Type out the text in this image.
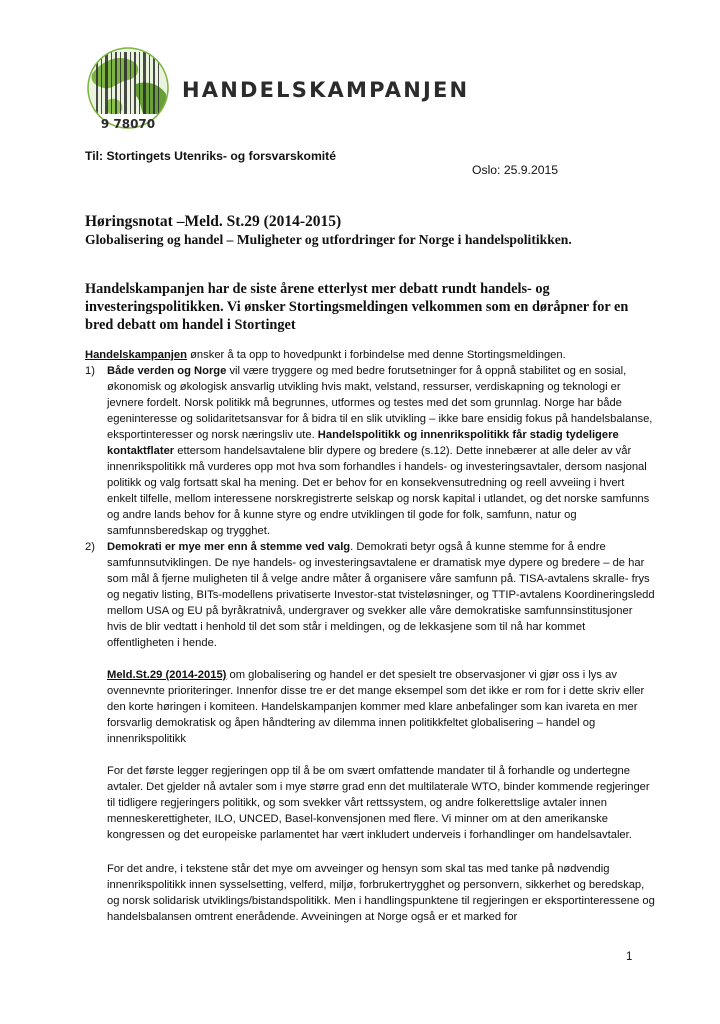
9 78070
HANDELSKAMPANJEN
Til: Stortingets Utenriks- og forsvarskomité
Oslo: 25.9.2015
Høringsnotat –Meld. St.29 (2014-2015)
Globalisering og handel – Muligheter og utfordringer for Norge i handelspolitikken.
Handelskampanjen har de siste årene etterlyst mer debatt rundt handels- og investeringspolitikken. Vi ønsker Stortingsmeldingen velkommen som en døråpner for en bred debatt om handel i Stortinget
Handelskampanjen ønsker å ta opp to hovedpunkt i forbindelse med denne Stortingsmeldingen.
1) Både verden og Norge vil være tryggere og med bedre forutsetninger for å oppnå stabilitet og en sosial, økonomisk og økologisk ansvarlig utvikling hvis makt, velstand, ressurser, verdiskapning og teknologi er jevnere fordelt. Norsk politikk må begrunnes, utformes og testes med det som grunnlag. Norge har både egeninteresse og solidaritetsansvar for å bidra til en slik utvikling – ikke bare ensidig fokus på handelsbalanse, eksportinteresser og norsk næringsliv ute. Handelspolitikk og innenrikspolitikk får stadig tydeligere kontaktflater ettersom handelsavtalene blir dypere og bredere (s.12). Dette innebærer at alle deler av vår innenrikspolitikk må vurderes opp mot hva som forhandles i handels- og investeringsavtaler, dersom nasjonal politikk og valg fortsatt skal ha mening. Det er behov for en konsekvensutredning og reell avveiing i hvert enkelt tilfelle, mellom interessene norskregistrerte selskap og norsk kapital i utlandet, og det norske samfunns og andre lands behov for å kunne styre og endre utviklingen til gode for folk, samfunn, natur og samfunnsberedskap og trygghet.
2) Demokrati er mye mer enn å stemme ved valg. Demokrati betyr også å kunne stemme for å endre samfunnsutviklingen. De nye handels- og investeringsavtalene er dramatisk mye dypere og bredere – de har som mål å fjerne muligheten til å velge andre måter å organisere våre samfunn på. TISA-avtalens skralle- frys og negativ listing, BITs-modellens privatiserte Investor-stat tvisteløsninger, og TTIP-avtalens Koordineringsledd mellom USA og EU på byråkratnivå, undergraver og svekker alle våre demokratiske samfunnsinstitusjoner hvis de blir vedtatt i henhold til det som står i meldingen, og de lekkasjene som til nå har kommet offentligheten i hende.
Meld.St.29 (2014-2015) om globalisering og handel er det spesielt tre observasjoner vi gjør oss i lys av ovennevnte prioriteringer. Innenfor disse tre er det mange eksempel som det ikke er rom for i dette skriv eller den korte høringen i komiteen. Handelskampanjen kommer med klare anbefalinger som kan ivareta en mer forsvarlig demokratisk og åpen håndtering av dilemma innen politikkfeltet globalisering – handel og innenrikspolitikk
For det første legger regjeringen opp til å be om svært omfattende mandater til å forhandle og undertegne avtaler. Det gjelder nå avtaler som i mye større grad enn det multilaterale WTO, binder kommende regjeringer til tidligere regjeringers politikk, og som svekker vårt rettssystem, og andre folkerettslige avtaler innen menneskerettigheter, ILO, UNCED, Basel-konvensjonen med flere. Vi minner om at den amerikanske kongressen og det europeiske parlamentet har vært inkludert underveis i forhandlinger om handelsavtaler.
For det andre, i tekstene står det mye om avveinger og hensyn som skal tas med tanke på nødvendig innenrikspolitikk innen sysselsetting, velferd, miljø, forbrukertrygghet og personvern, sikkerhet og beredskap, og norsk solidarisk utviklings/bistandspolitikk. Men i handlingspunktene til regjeringen er eksportinteressene og handelsbalansen omtrent enerådende. Avveiningen at Norge også er et marked for
1
